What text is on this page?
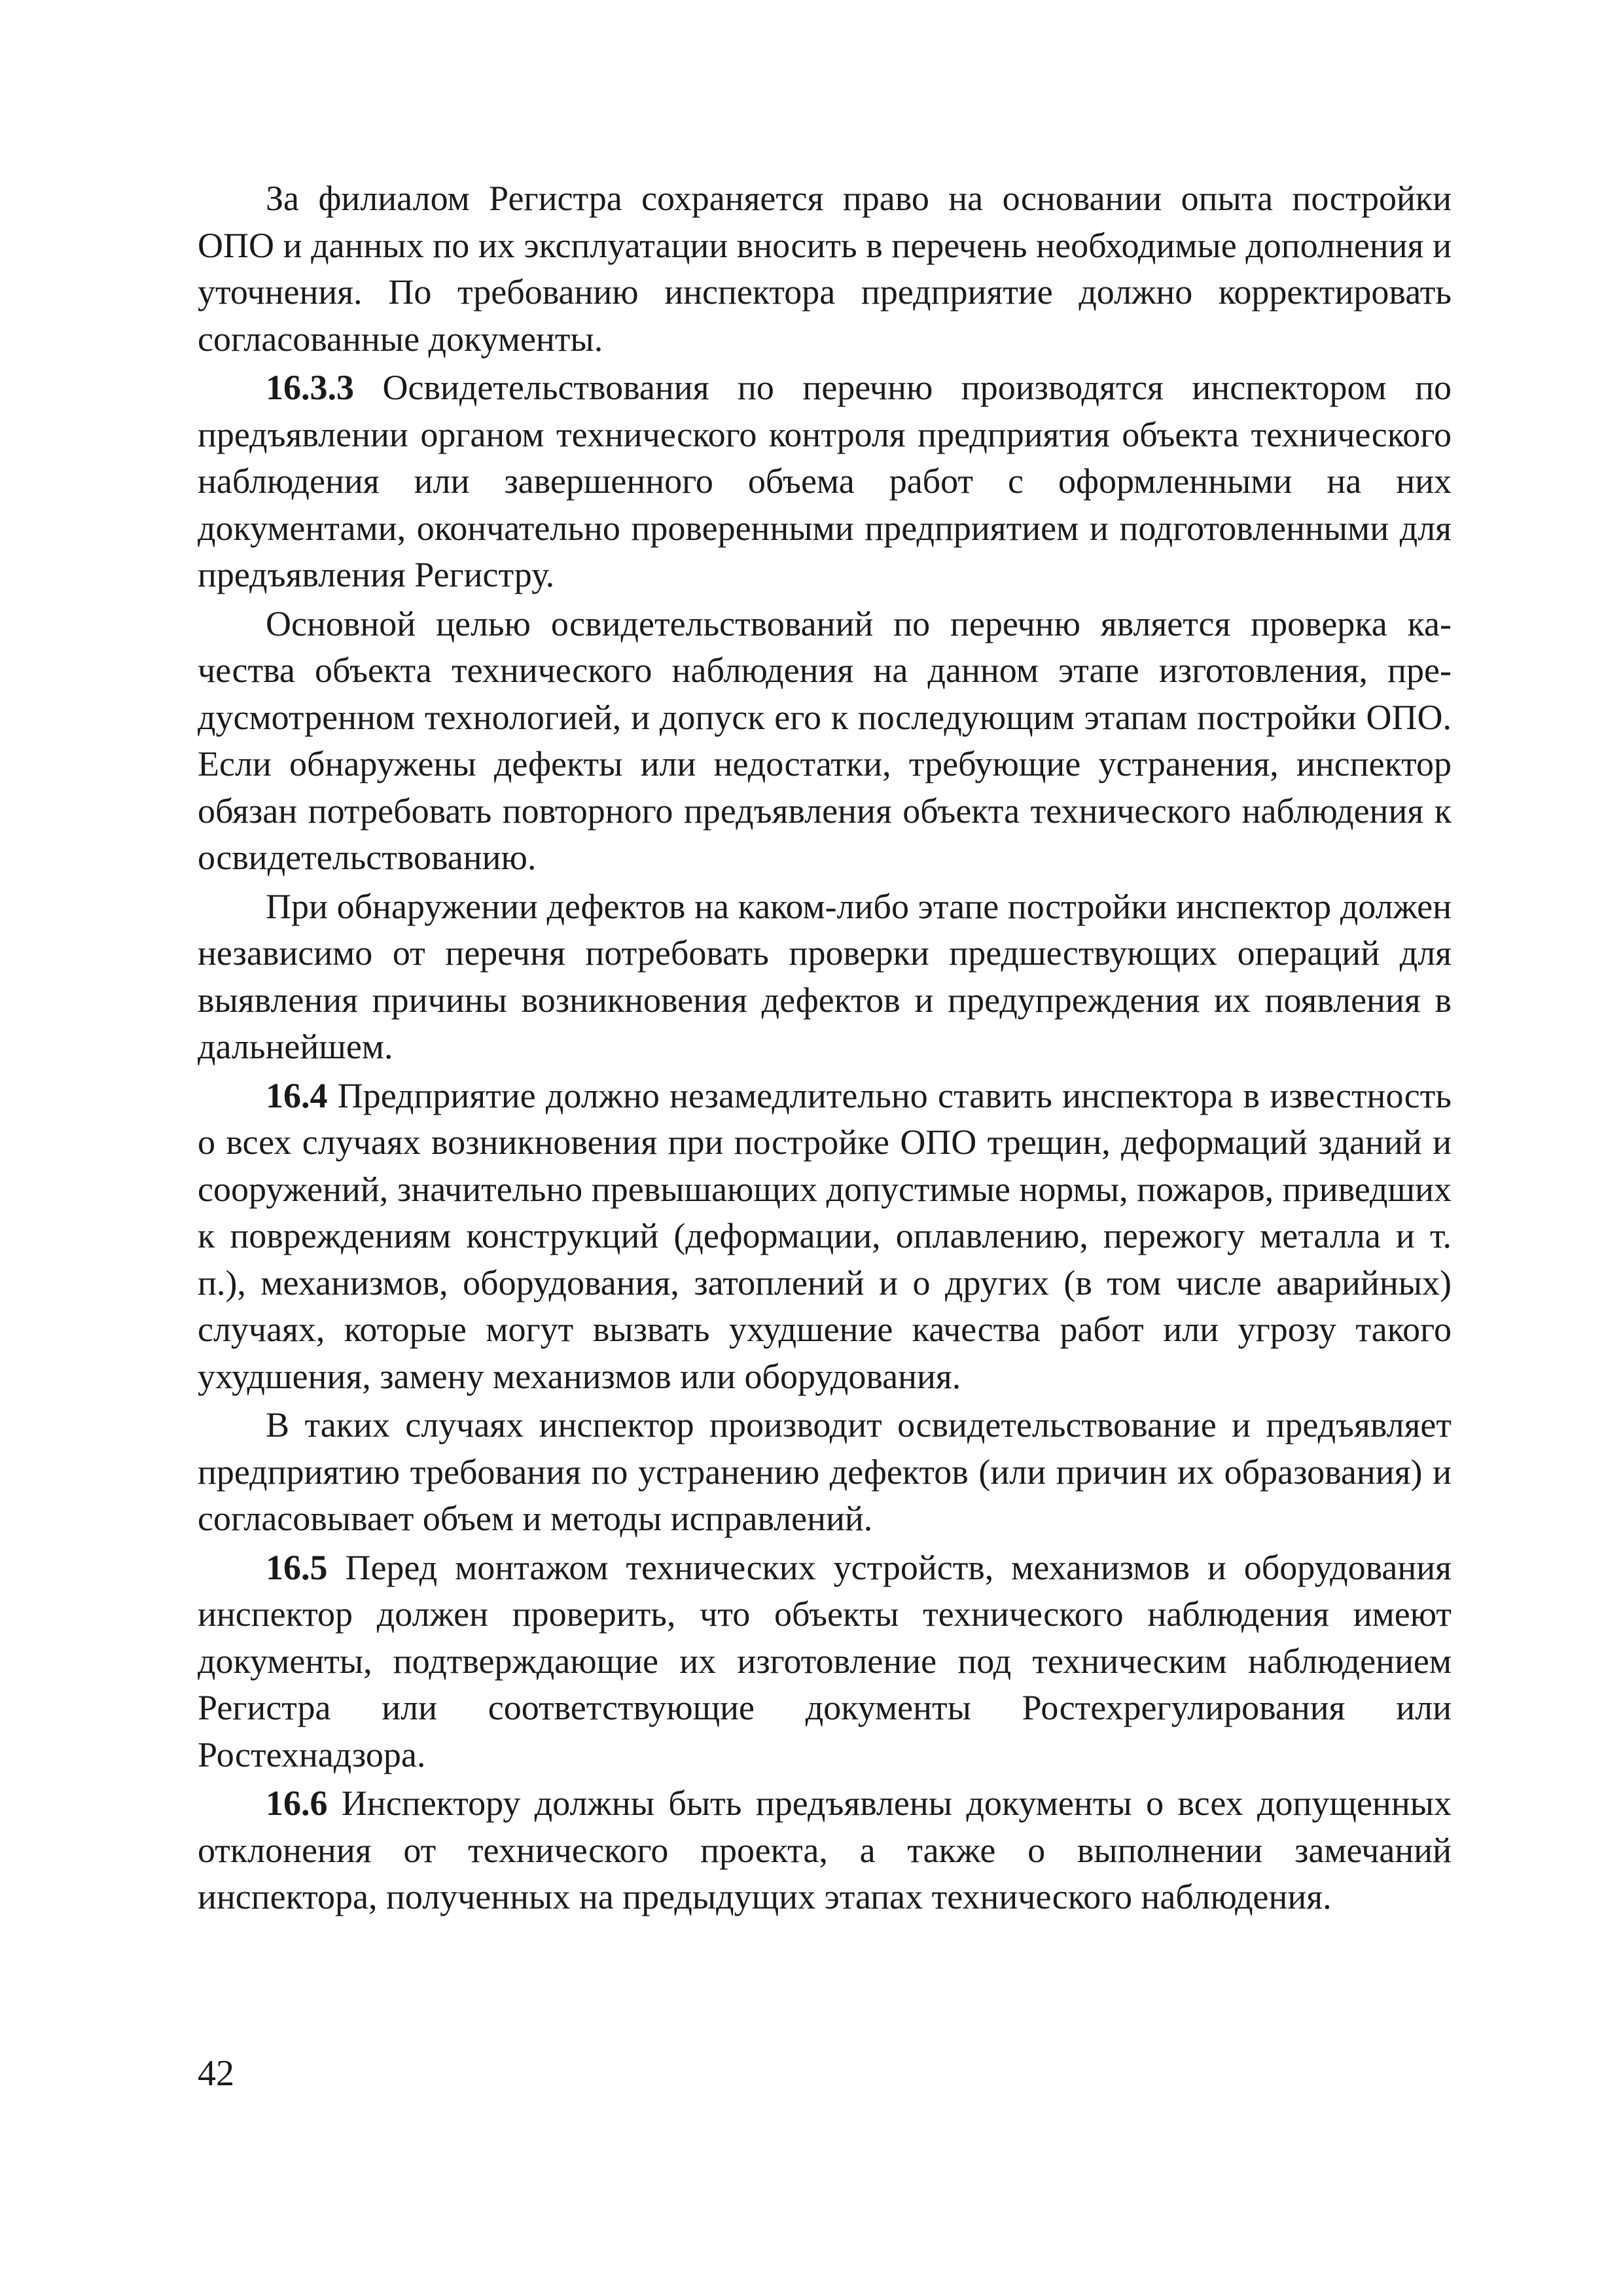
За филиалом Регистра сохраняется право на основании опыта постройки ОПО и данных по их эксплуатации вносить в перечень необходимые дополнения и уточнения. По требованию инспектора предприятие должно корректировать согласованные документы.

16.3.3 Освидетельствования по перечню производятся инспектором по предъявлении органом технического контроля предприятия объекта технического наблюдения или завершенного объема работ с оформленными на них документами, окончательно проверенными предприятием и подготовленными для предъявления Регистру.

Основной целью освидетельствований по перечню является проверка качества объекта технического наблюдения на данном этапе изготовления, предусмотренном технологией, и допуск его к последующим этапам постройки ОПО. Если обнаружены дефекты или недостатки, требующие устранения, инспектор обязан потребовать повторного предъявления объекта технического наблюдения к освидетельствованию.

При обнаружении дефектов на каком-либо этапе постройки инспектор должен независимо от перечня потребовать проверки предшествующих операций для выявления причины возникновения дефектов и предупреждения их появления в дальнейшем.

16.4 Предприятие должно незамедлительно ставить инспектора в известность о всех случаях возникновения при постройке ОПО трещин, деформаций зданий и сооружений, значительно превышающих допустимые нормы, пожаров, приведших к повреждениям конструкций (деформации, оплавлению, пережогу металла и т. п.), механизмов, оборудования, затоплений и о других (в том числе аварийных) случаях, которые могут вызвать ухудшение качества работ или угрозу такого ухудшения, замену механизмов или оборудования.

В таких случаях инспектор производит освидетельствование и предъявляет предприятию требования по устранению дефектов (или причин их образования) и согласовывает объем и методы исправлений.

16.5 Перед монтажом технических устройств, механизмов и оборудования инспектор должен проверить, что объекты технического наблюдения имеют документы, подтверждающие их изготовление под техническим наблюдением Регистра или соответствующие документы Ростехрегулирования или Ростехнадзора.

16.6 Инспектору должны быть предъявлены документы о всех допущенных отклонения от технического проекта, а также о выполнении замечаний инспектора, полученных на предыдущих этапах технического наблюдения.

42
